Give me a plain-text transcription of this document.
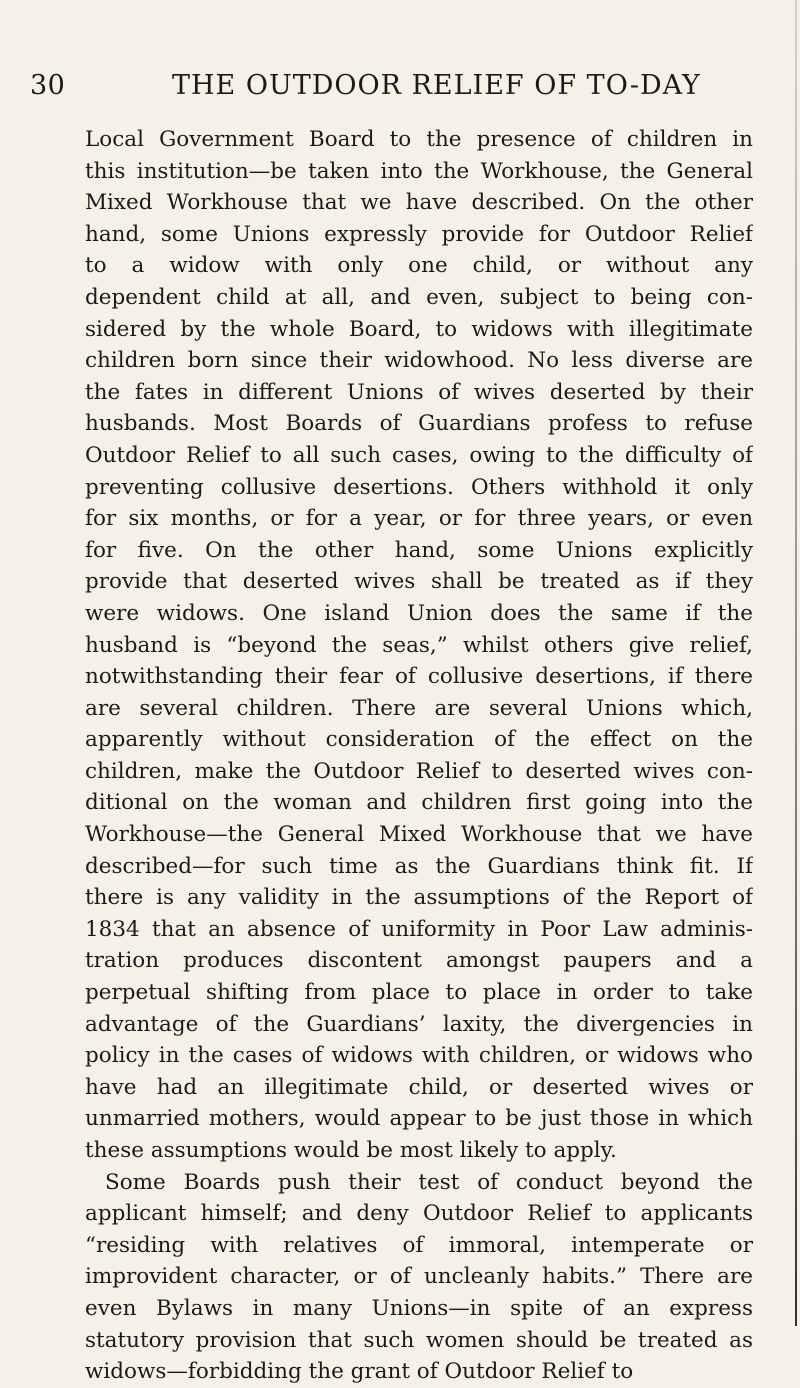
30	THE OUTDOOR RELIEF OF TO-DAY
Local Government Board to the presence of children in
this institution—be taken into the Workhouse, the General
Mixed Workhouse that we have described. On the other
hand, some Unions expressly provide for Outdoor Relief
to a widow with only one child, or without any
dependent child at all, and even, subject to being con-
sidered by the whole Board, to widows with illegitimate
children born since their widowhood. No less diverse are
the fates in different Unions of wives deserted by their
husbands. Most Boards of Guardians profess to refuse
Outdoor Relief to all such cases, owing to the difficulty of
preventing collusive desertions. Others withhold it only
for six months, or for a year, or for three years, or even
for five. On the other hand, some Unions explicitly
provide that deserted wives shall be treated as if they
were widows. One island Union does the same if the
husband is “beyond the seas,” whilst others give relief,
notwithstanding their fear of collusive desertions, if there
are several children. There are several Unions which,
apparently without consideration of the effect on the
children, make the Outdoor Relief to deserted wives con-
ditional on the woman and children first going into the
Workhouse—the General Mixed Workhouse that we have
described—for such time as the Guardians think fit. If
there is any validity in the assumptions of the Report of
1834 that an absence of uniformity in Poor Law adminis-
tration produces discontent amongst paupers and a
perpetual shifting from place to place in order to take
advantage of the Guardians’ laxity, the divergencies in
policy in the cases of widows with children, or widows who
have had an illegitimate child, or deserted wives or
unmarried mothers, would appear to be just those in which
these assumptions would be most likely to apply.
Some Boards push their test of conduct beyond the
applicant himself; and deny Outdoor Relief to applicants
“residing with relatives of immoral, intemperate or
improvident character, or of uncleanly habits.” There are
even Bylaws in many Unions—in spite of an express
statutory provision that such women should be treated as
widows—forbidding the grant of Outdoor Relief to
